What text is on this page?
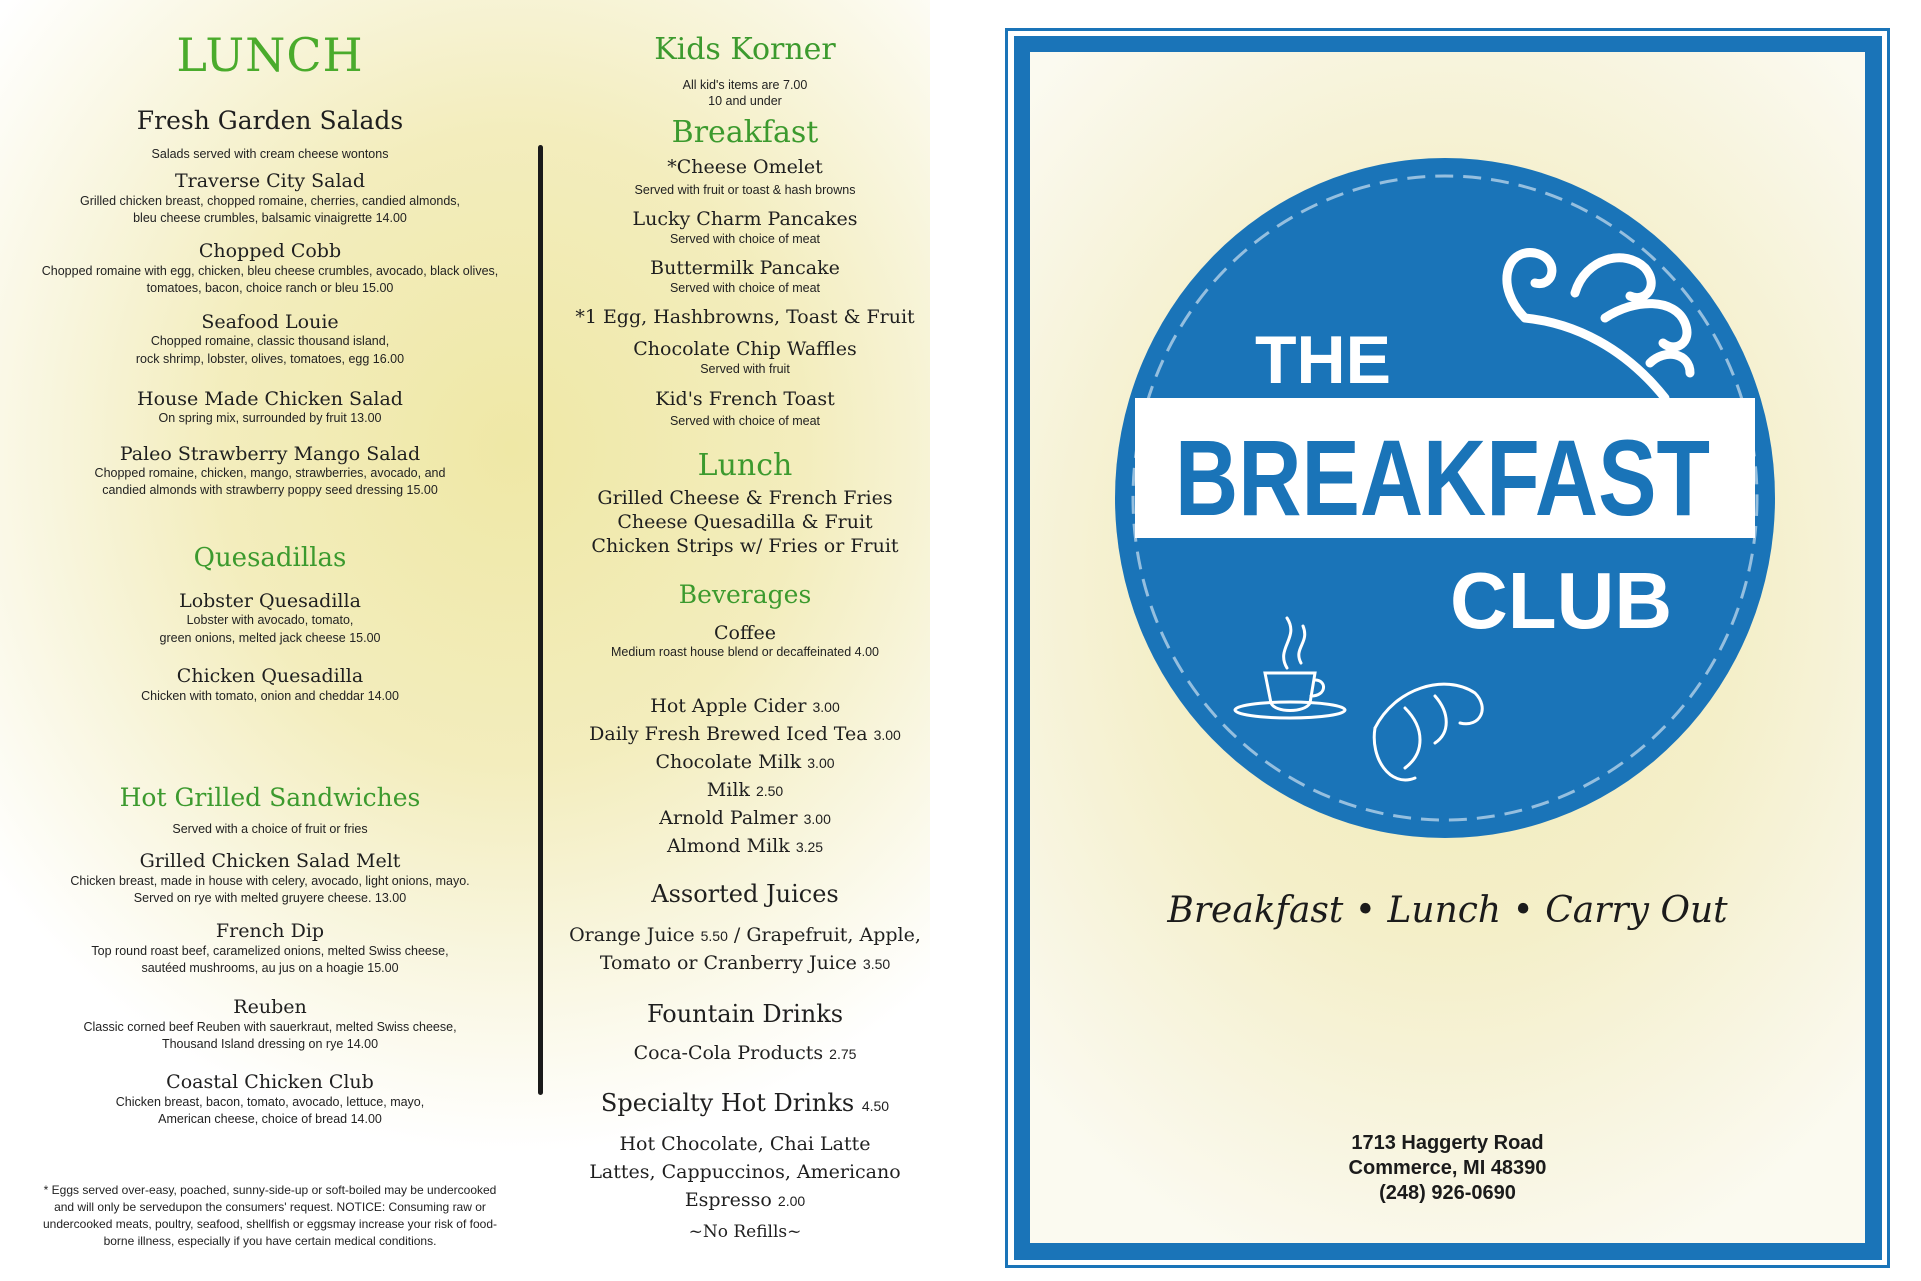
LUNCH
Fresh Garden Salads
Salads served with cream cheese wontons
Traverse City Salad
Grilled chicken breast, chopped romaine, cherries, candied almonds,
bleu cheese crumbles, balsamic vinaigrette 14.00
Chopped Cobb
Chopped romaine with egg, chicken, bleu cheese crumbles, avocado, black olives,
tomatoes, bacon, choice ranch or bleu 15.00
Seafood Louie
Chopped romaine, classic thousand island,
rock shrimp, lobster, olives, tomatoes, egg 16.00
House Made Chicken Salad
On spring mix, surrounded by fruit 13.00
Paleo Strawberry Mango Salad
Chopped romaine, chicken, mango, strawberries, avocado, and
candied almonds with strawberry poppy seed dressing 15.00
Quesadillas
Lobster Quesadilla
Lobster with avocado, tomato,
green onions, melted jack cheese 15.00
Chicken Quesadilla
Chicken with tomato, onion and cheddar 14.00
Hot Grilled Sandwiches
Served with a choice of fruit or fries
Grilled Chicken Salad Melt
Chicken breast, made in house with celery, avocado, light onions, mayo.
Served on rye with melted gruyere cheese. 13.00
French Dip
Top round roast beef, caramelized onions, melted Swiss cheese,
sautéed mushrooms, au jus on a hoagie 15.00
Reuben
Classic corned beef Reuben with sauerkraut, melted Swiss cheese,
Thousand Island dressing on rye 14.00
Coastal Chicken Club
Chicken breast, bacon, tomato, avocado, lettuce, mayo,
American cheese, choice of bread 14.00
* Eggs served over-easy, poached, sunny-side-up or soft-boiled may be undercooked
and will only be servedupon the consumers' request. NOTICE: Consuming raw or
undercooked meats, poultry, seafood, shellfish or eggsmay increase your risk of food-
borne illness, especially if you have certain medical conditions.
Kids Korner
All kid's items are 7.00
10 and under
Breakfast
*Cheese Omelet
Served with fruit or toast & hash browns
Lucky Charm Pancakes
Served with choice of meat
Buttermilk Pancake
Served with choice of meat
*1 Egg, Hashbrowns, Toast & Fruit
Chocolate Chip Waffles
Served with fruit
Kid's French Toast
Served with choice of meat
Lunch
Grilled Cheese & French Fries
Cheese Quesadilla & Fruit
Chicken Strips w/ Fries or Fruit
Beverages
Coffee
Medium roast house blend or decaffeinated 4.00
Hot Apple Cider 3.00
Daily Fresh Brewed Iced Tea 3.00
Chocolate Milk 3.00
Milk 2.50
Arnold Palmer 3.00
Almond Milk 3.25
Assorted Juices
Orange Juice 5.50 / Grapefruit, Apple,
Tomato or Cranberry Juice 3.50
Fountain Drinks
Coca-Cola Products 2.75
Specialty Hot Drinks 4.50
Hot Chocolate, Chai Latte
Lattes, Cappuccinos, Americano
Espresso 2.00
~No Refills~
THE
BREAKFAST
CLUB
Breakfast • Lunch • Carry Out
1713 Haggerty Road
Commerce, MI 48390
(248) 926-0690
